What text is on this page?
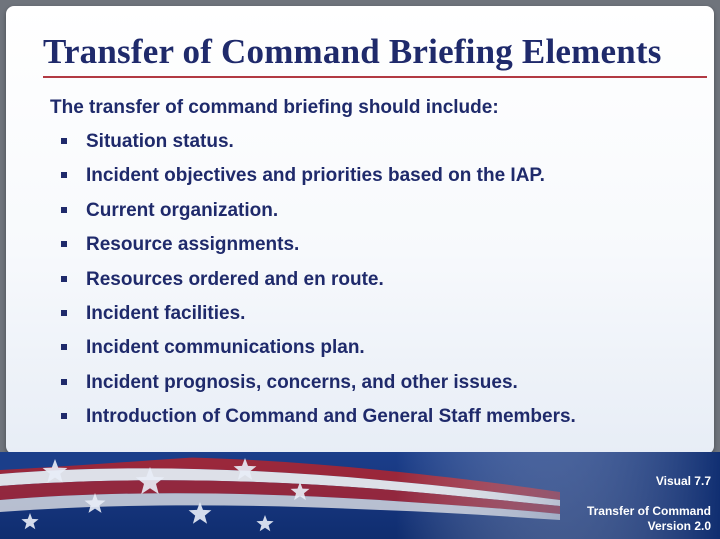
Transfer of Command Briefing Elements

The transfer of command briefing should include:

Situation status.
Incident objectives and priorities based on the IAP.
Current organization.
Resource assignments.
Resources ordered and en route.
Incident facilities.
Incident communications plan.
Incident prognosis, concerns, and other issues.
Introduction of Command and General Staff members.

Visual 7.7

Transfer of Command

Version 2.0
